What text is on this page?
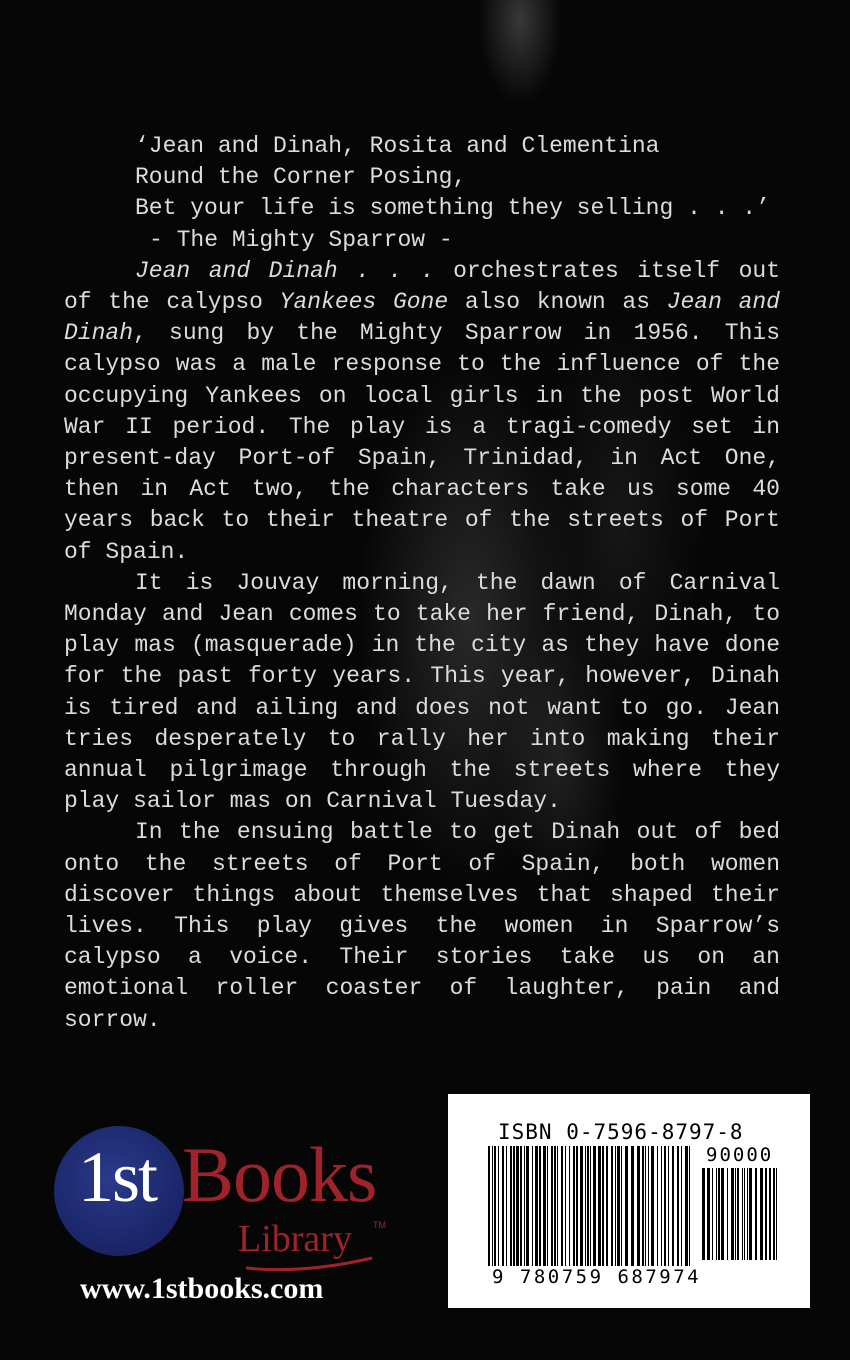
‘Jean and Dinah, Rosita and Clementina
Round the Corner Posing,
Bet your life is something they selling . . .’
- The Mighty Sparrow -

Jean and Dinah . . . orchestrates itself out of the calypso Yankees Gone also known as Jean and Dinah, sung by the Mighty Sparrow in 1956. This calypso was a male response to the influence of the occupying Yankees on local girls in the post World War II period. The play is a tragi-comedy set in present-day Port-of Spain, Trinidad, in Act One, then in Act two, the characters take us some 40 years back to their theatre of the streets of Port of Spain.

It is Jouvay morning, the dawn of Carnival Monday and Jean comes to take her friend, Dinah, to play mas (masquerade) in the city as they have done for the past forty years. This year, however, Dinah is tired and ailing and does not want to go. Jean tries desperately to rally her into making their annual pilgrimage through the streets where they play sailor mas on Carnival Tuesday.

In the ensuing battle to get Dinah out of bed onto the streets of Port of Spain, both women discover things about themselves that shaped their lives. This play gives the women in Sparrow’s calypso a voice. Their stories take us on an emotional roller coaster of laughter, pain and sorrow.

ISBN 0-7596-8797-8
90000
9 780759 687974
1st Books
Library TM
www.1stbooks.com
